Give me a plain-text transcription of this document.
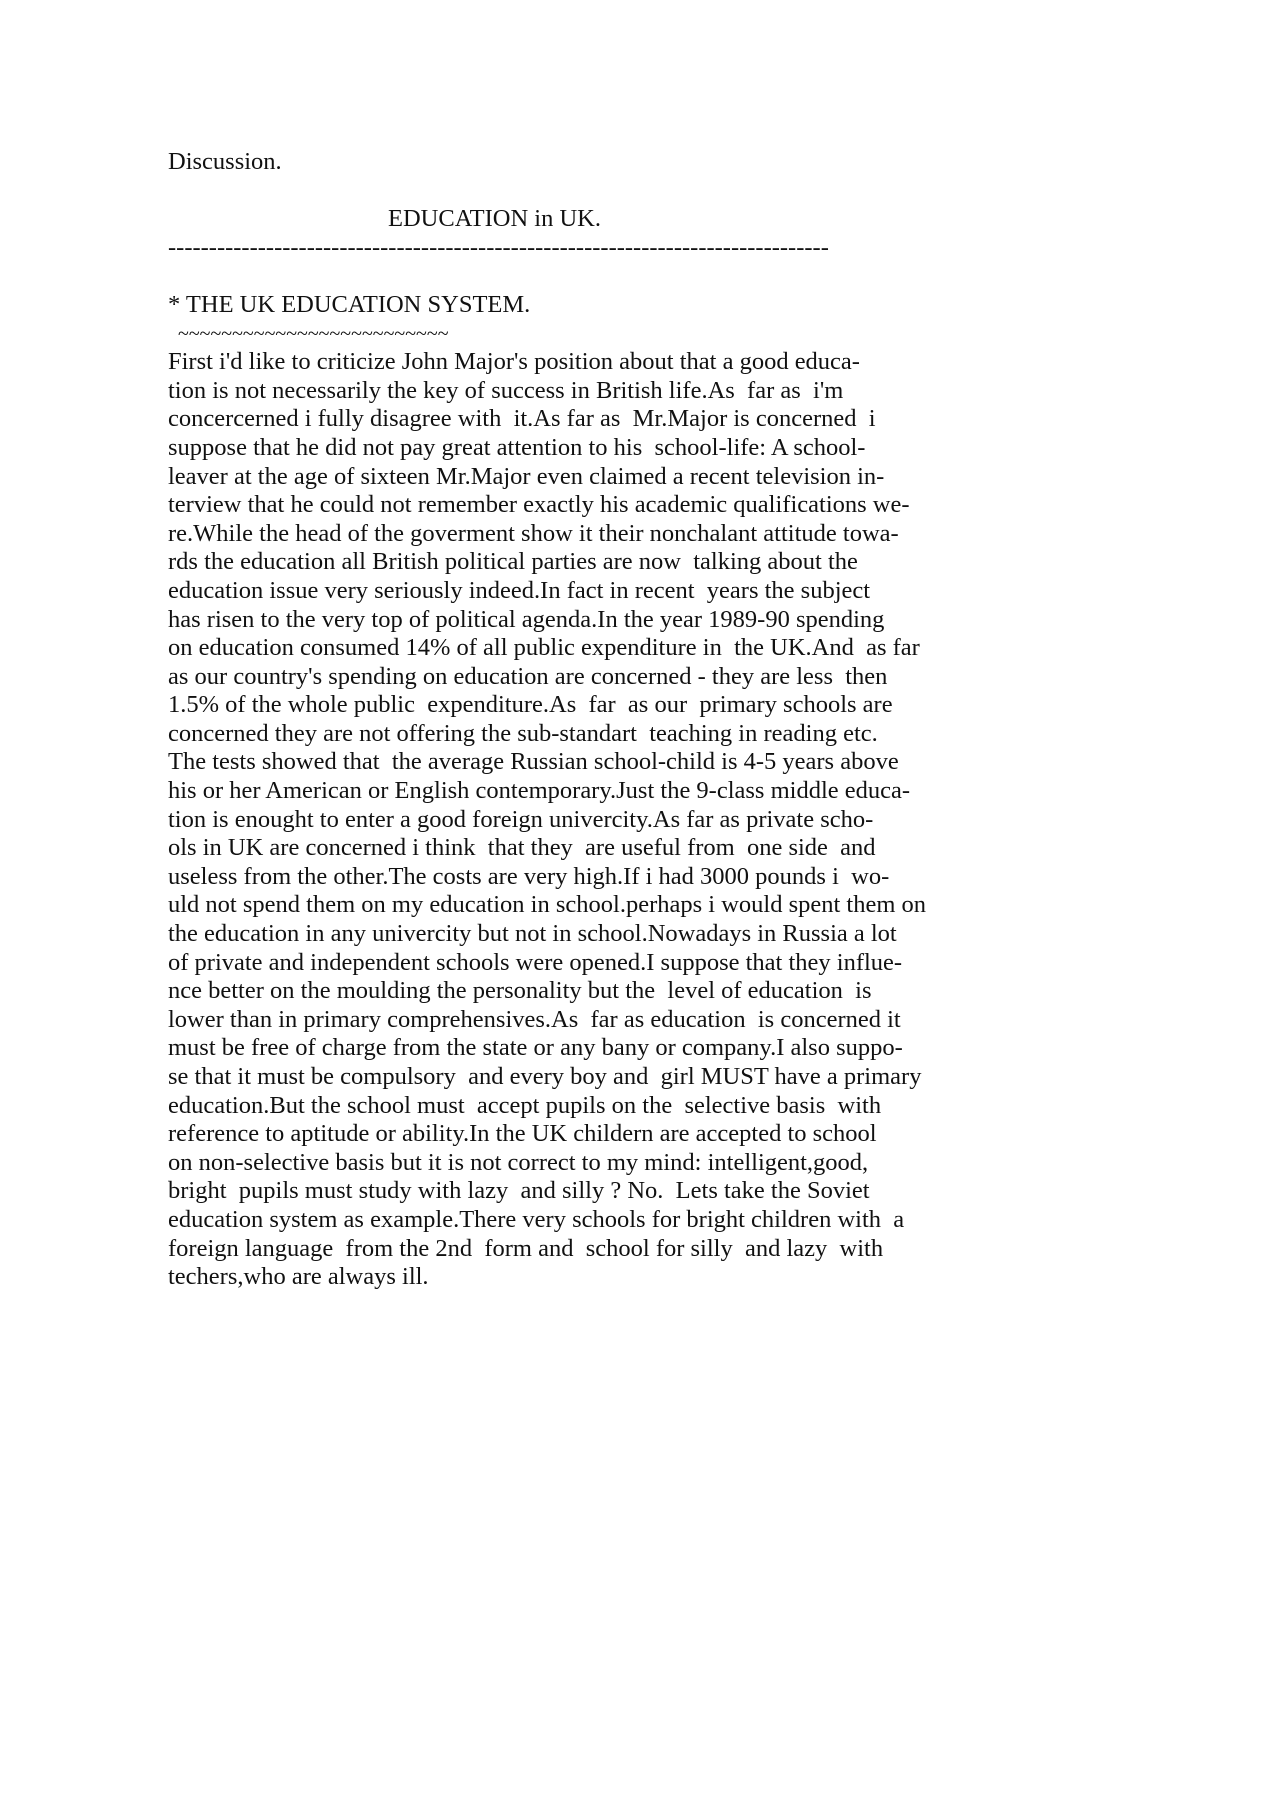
Discussion.
EDUCATION in UK.
---------------------------------------------------------------------------------
* THE UK EDUCATION SYSTEM.
~~~~~~~~~~~~~~~~~~~~~~~~~
First i'd like to criticize John Major's position about that a good educa-
tion is not necessarily the key of success in British life.As  far as  i'm
concercerned i fully disagree with  it.As far as  Mr.Major is concerned  i
suppose that he did not pay great attention to his  school-life: A school-
leaver at the age of sixteen Mr.Major even claimed a recent television in-
terview that he could not remember exactly his academic qualifications we-
re.While the head of the goverment show it their nonchalant attitude towa-
rds the education all British political parties are now  talking about the
education issue very seriously indeed.In fact in recent  years the subject
has risen to the very top of political agenda.In the year 1989-90 spending
on education consumed 14% of all public expenditure in  the UK.And  as far
as our country's spending on education are concerned - they are less  then
1.5% of the whole public  expenditure.As  far  as our  primary schools are
concerned they are not offering the sub-standart  teaching in reading etc.
The tests showed that  the average Russian school-child is 4-5 years above
his or her American or English contemporary.Just the 9-class middle educa-
tion is enought to enter a good foreign univercity.As far as private scho-
ols in UK are concerned i think  that they  are useful from  one side  and
useless from the other.The costs are very high.If i had 3000 pounds i  wo-
uld not spend them on my education in school.perhaps i would spent them on
the education in any univercity but not in school.Nowadays in Russia a lot
of private and independent schools were opened.I suppose that they influe-
nce better on the moulding the personality but the  level of education  is
lower than in primary comprehensives.As  far as education  is concerned it
must be free of charge from the state or any bany or company.I also suppo-
se that it must be compulsory  and every boy and  girl MUST have a primary
education.But the school must  accept pupils on the  selective basis  with
reference to aptitude or ability.In the UK childern are accepted to school
on non-selective basis but it is not correct to my mind: intelligent,good,
bright  pupils must study with lazy  and silly ? No.  Lets take the Soviet
education system as example.There very schools for bright children with  a
foreign language  from the 2nd  form and  school for silly  and lazy  with
techers,who are always ill.
